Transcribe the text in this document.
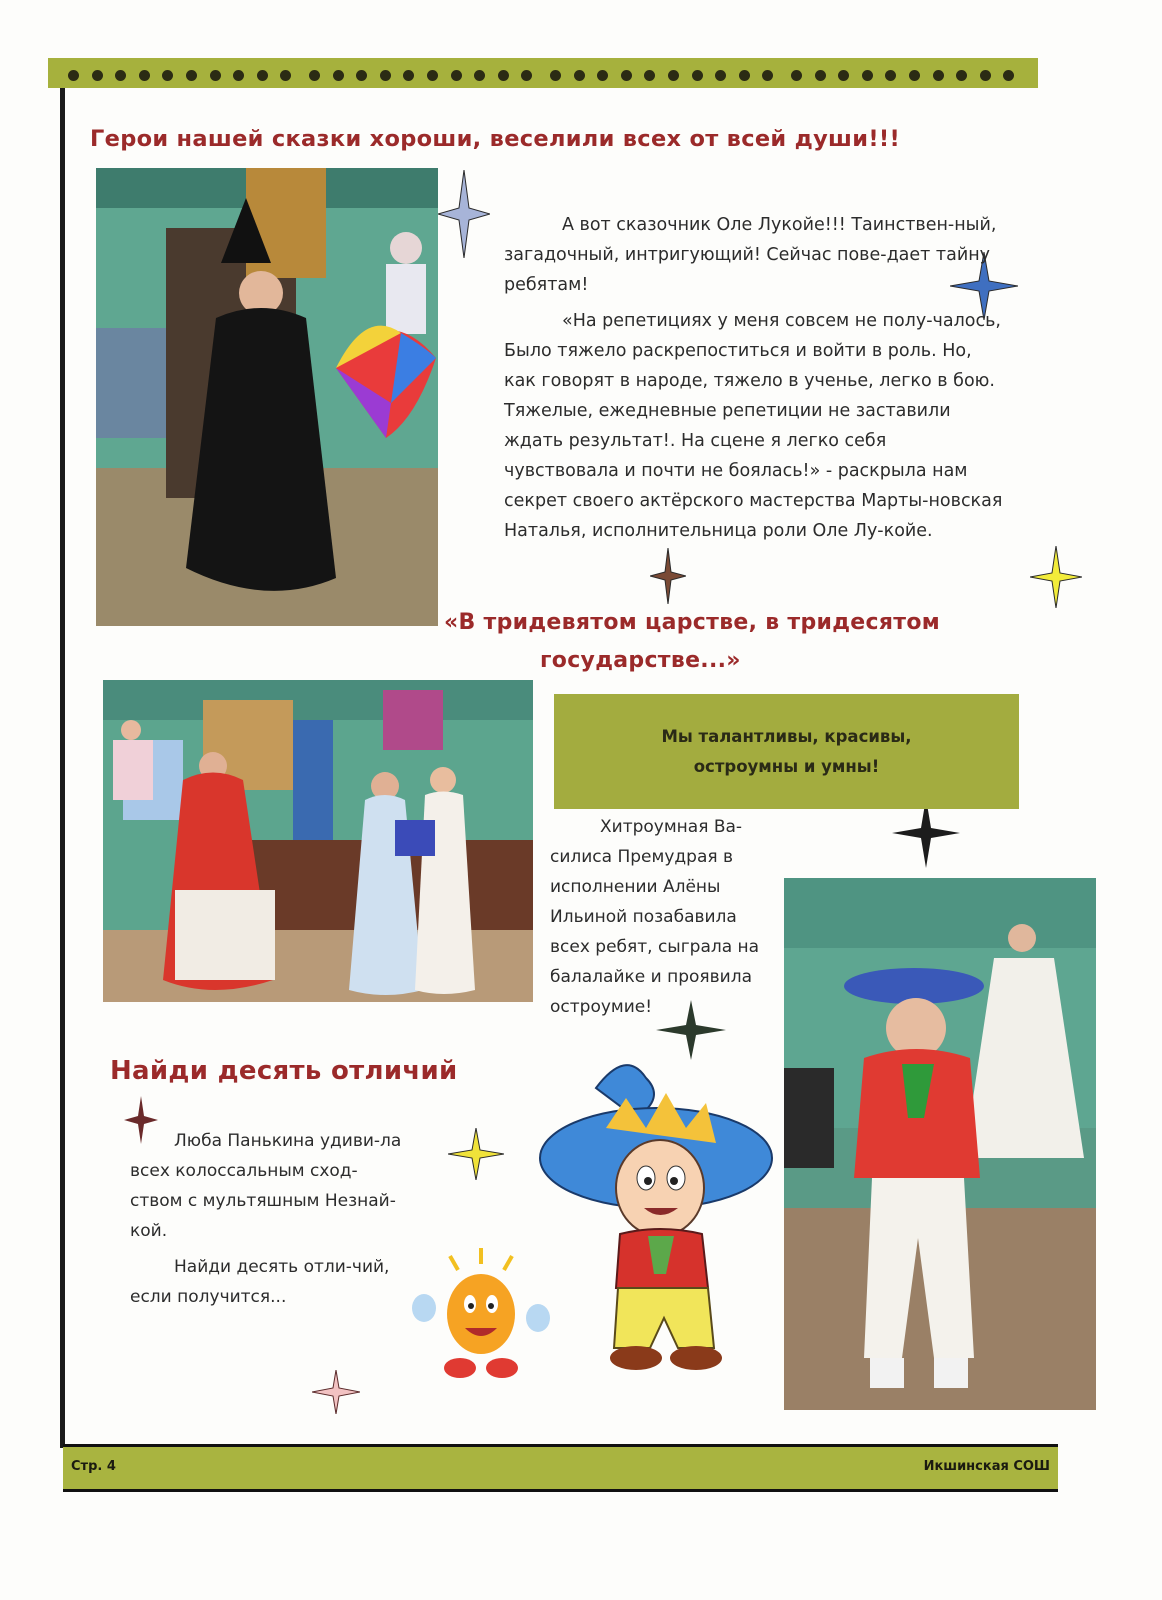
Герои нашей сказки хороши, веселили всех от всей души!!!

А вот сказочник Оле Лукойе!!! Таинствен-ный, загадочный, интригующий! Сейчас пове-дает тайну ребятам!

«На репетициях у меня совсем не полу-чалось, Было тяжело раскрепоститься и войти в роль. Но, как говорят в народе, тяжело в ученье, легко в бою. Тяжелые, ежедневные репетиции не заставили ждать результат!. На сцене я легко себя чувствовала и почти не боялась!» - раскрыла нам секрет своего актёрского мастерства Марты-новская Наталья, исполнительница роли Оле Лу-койе.

«В тридевятом царстве, в тридесятом
государстве...»
Мы талантливы, красивы,
остроумны и умны!

Хитроумная Ва-силиса Премудрая в исполнении Алёны Ильиной позабавила всех ребят, сыграла на балалайке и проявила остроумие!

Найди десять отличий

Люба Панькина удиви-ла всех колоссальным сход-ством с мультяшным Незнай-кой.

Найди десять отли-чий, если получится...

Стр. 4	Икшинская СОШ
